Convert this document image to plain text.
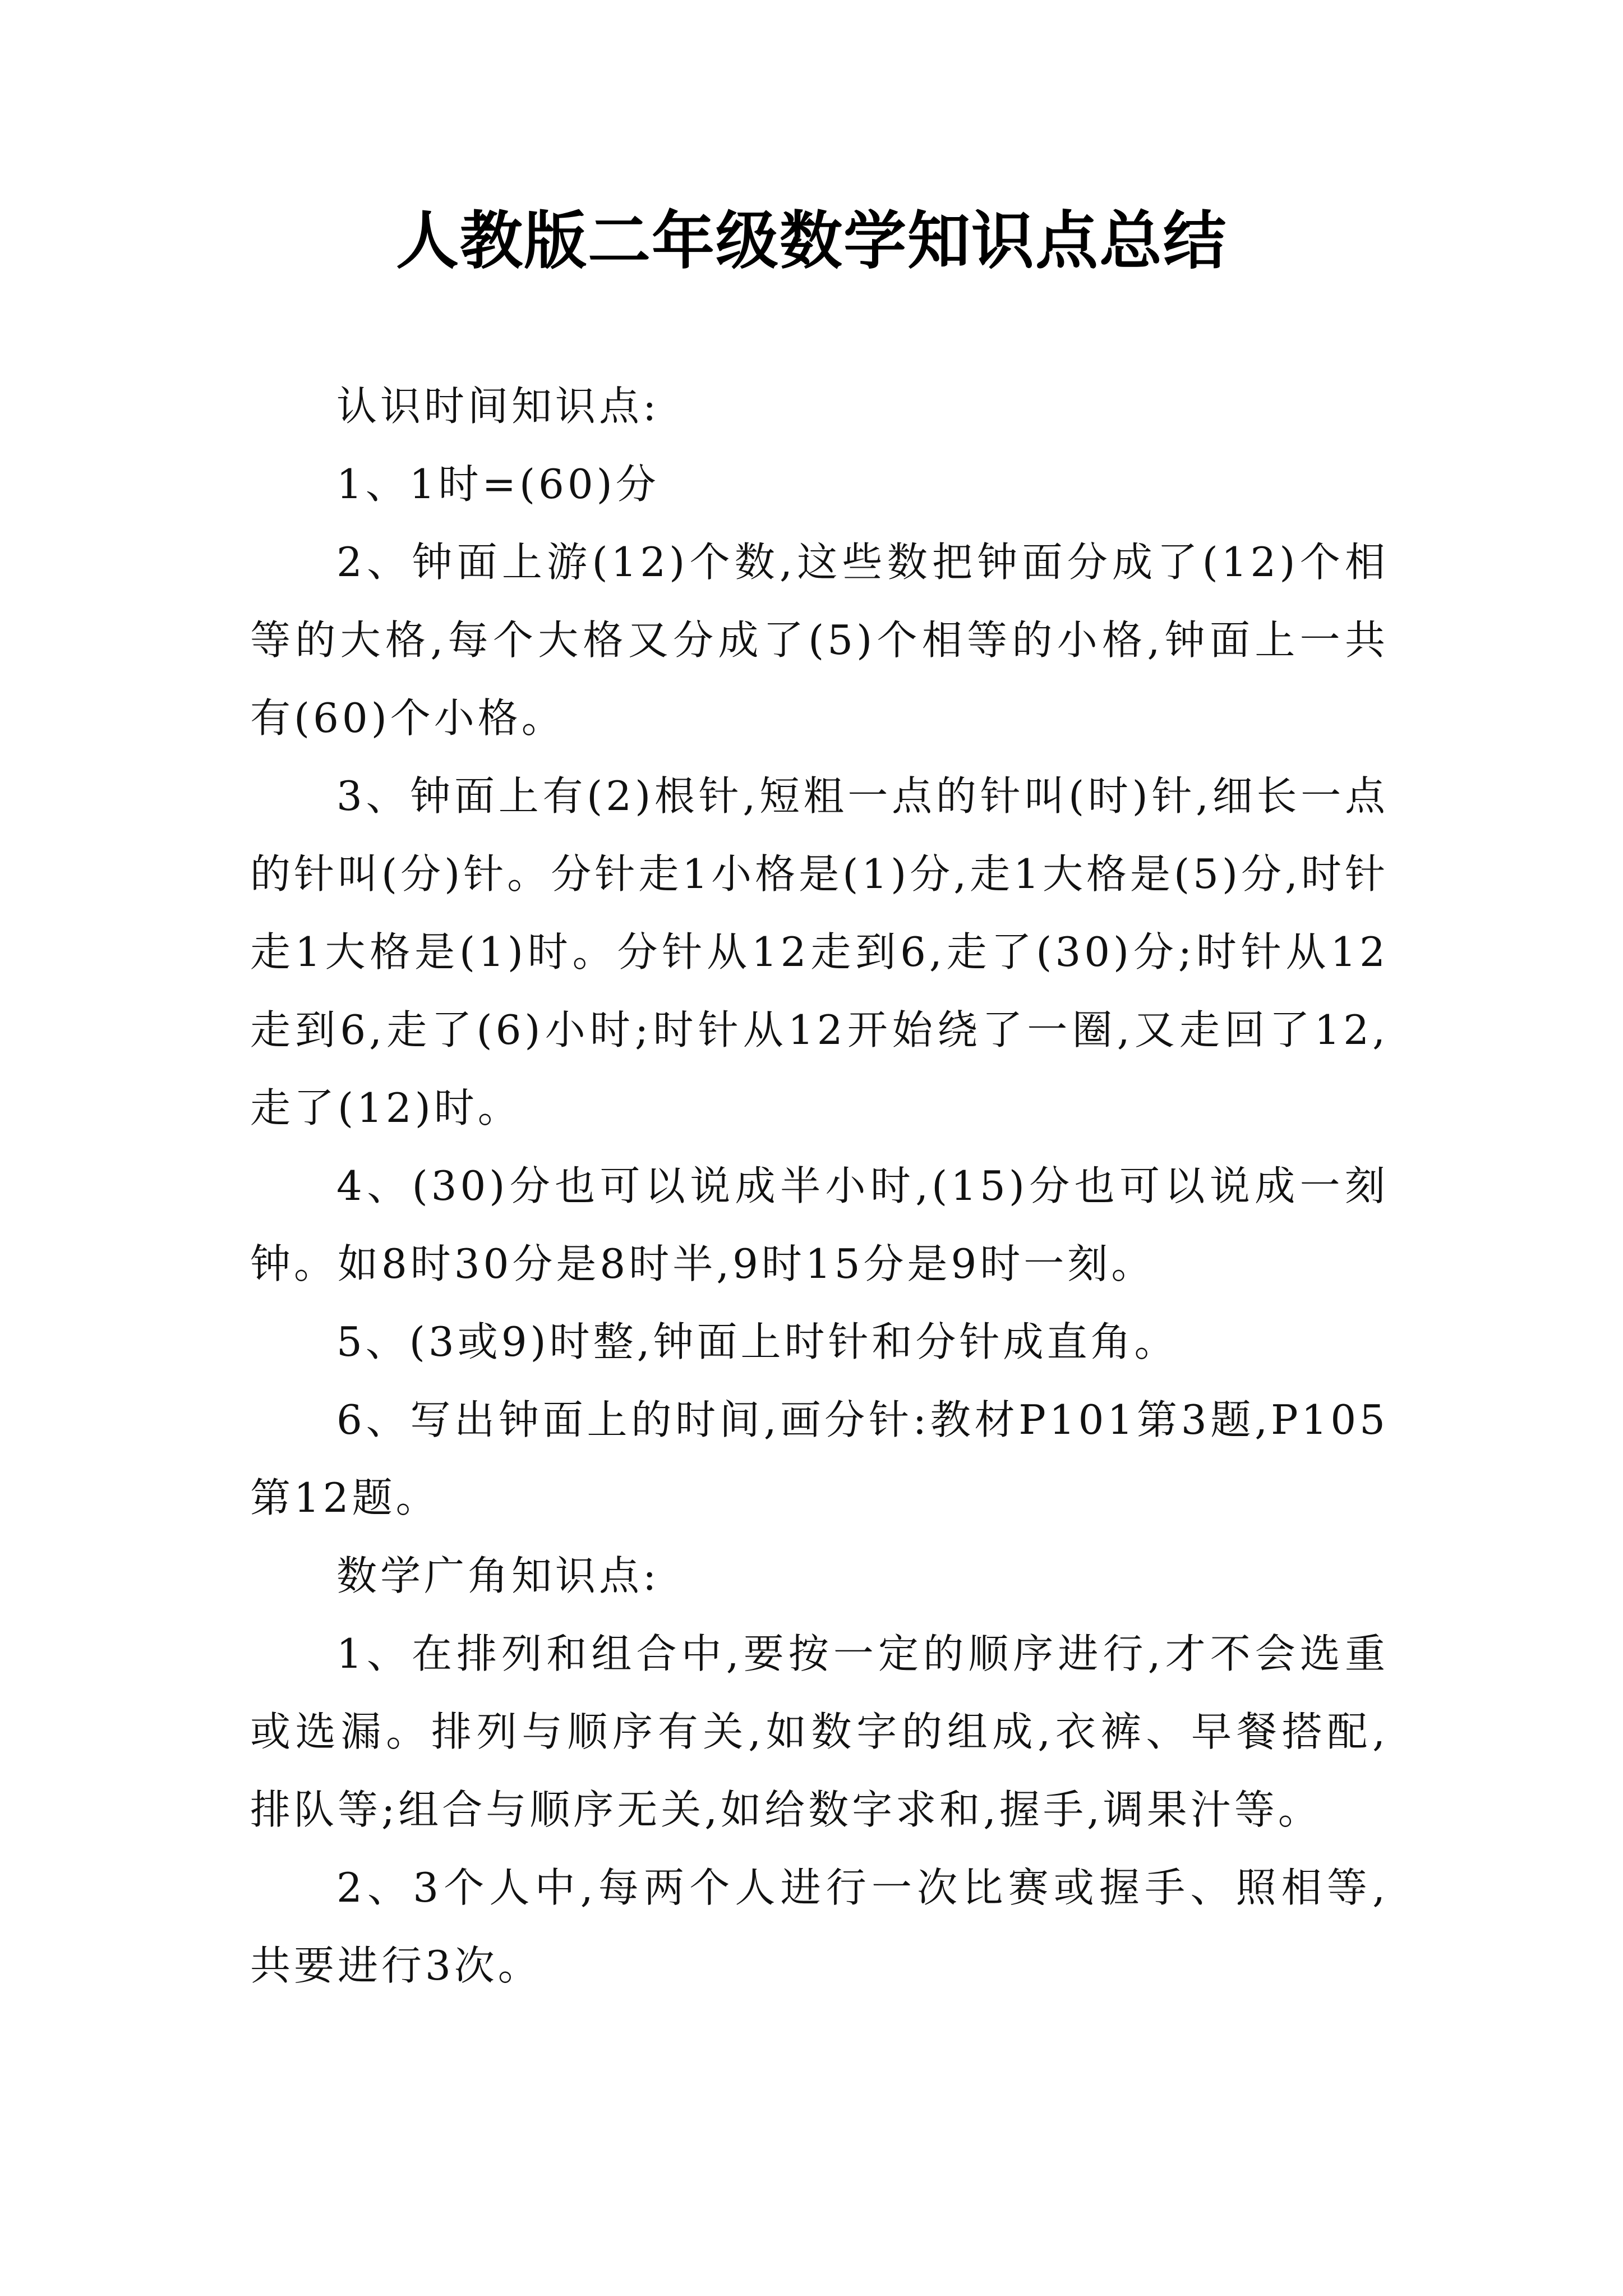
人教版二年级数学知识点总结

认识时间知识点:

1、1时=(60)分

2、钟面上游(12)个数,这些数把钟面分成了(12)个相等的大格,每个大格又分成了(5)个相等的小格,钟面上一共有(60)个小格。

3、钟面上有(2)根针,短粗一点的针叫(时)针,细长一点的针叫(分)针。分针走1小格是(1)分,走1大格是(5)分,时针走1大格是(1)时。分针从12走到6,走了(30)分;时针从12走到6,走了(6)小时;时针从12开始绕了一圈,又走回了12,走了(12)时。

4、(30)分也可以说成半小时,(15)分也可以说成一刻钟。如8时30分是8时半,9时15分是9时一刻。

5、(3或9)时整,钟面上时针和分针成直角。

6、写出钟面上的时间,画分针:教材P101第3题,P105第12题。

数学广角知识点:

1、在排列和组合中,要按一定的顺序进行,才不会选重或选漏。排列与顺序有关,如数字的组成,衣裤、早餐搭配,排队等;组合与顺序无关,如给数字求和,握手,调果汁等。

2、3个人中,每两个人进行一次比赛或握手、照相等,共要进行3次。
